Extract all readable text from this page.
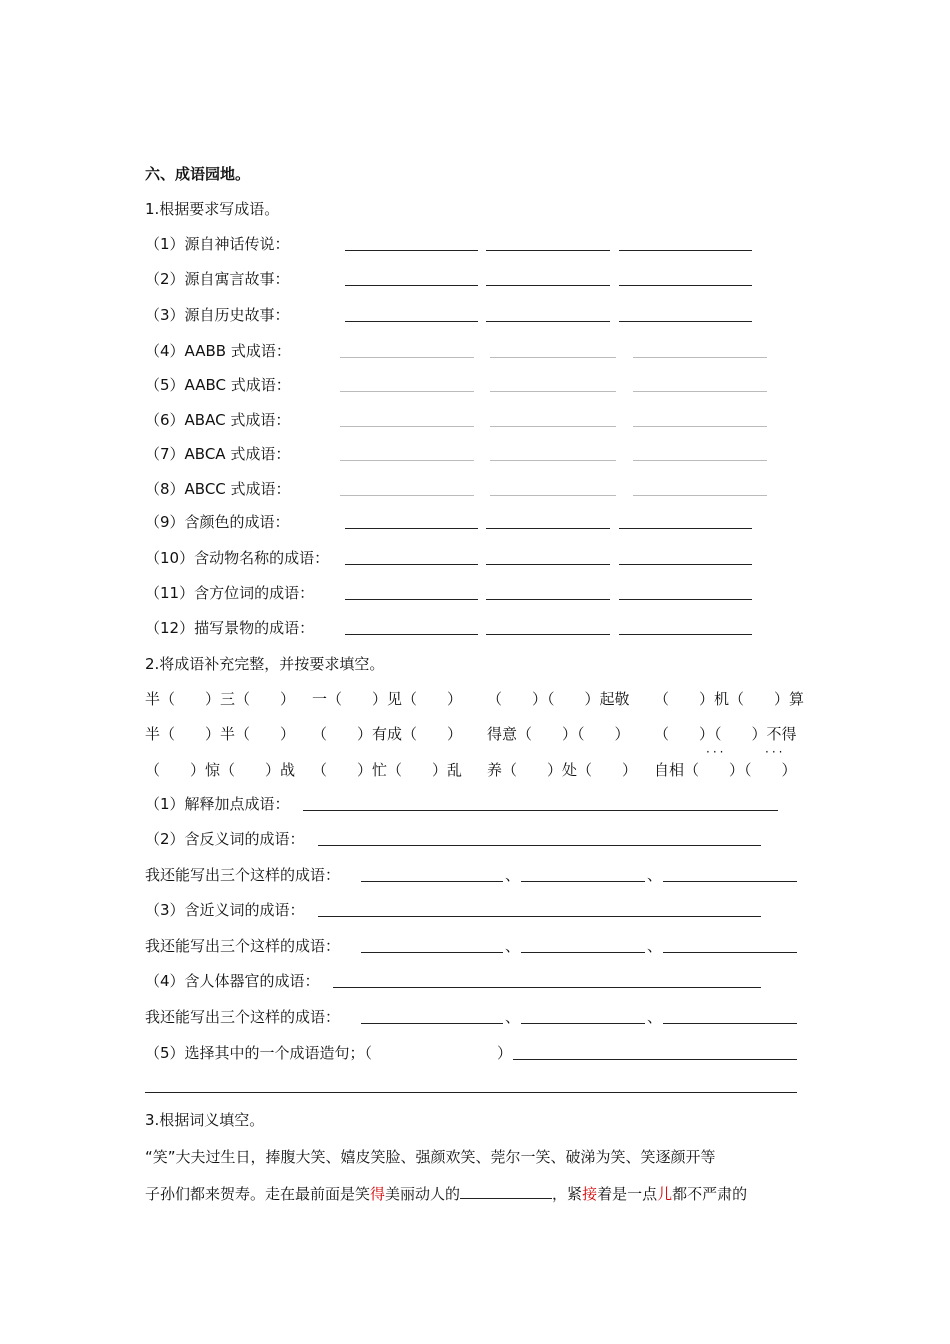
六、成语园地。
1.根据要求写成语。
（1）源自神话传说：
（2）源自寓言故事：
（3）源自历史故事：
（4）AABB 式成语：
（5）AABC 式成语：
（6）ABAC 式成语：
（7）ABCA 式成语：
（8）ABCC 式成语：
（9）含颜色的成语：
（10）含动物名称的成语：
（11）含方位词的成语：
（12）描写景物的成语：
2.将成语补充完整，并按要求填空。
半（　　）三（　　） 一（　　）见（　　） （　　）（　　）起敬 （　　）机（　　）算
半（　　）半（　　） （　　）有成（　　） 得意（　　）（　　） （　　）（　　）不得
（　　）惊（　　）战 （　　）忙（　　）乱 养（　　）处（　　） 自相（　　）（　　）
···	···
（1）解释加点成语：
（2）含反义词的成语：
我还能写出三个这样的成语：	、	、
（3）含近义词的成语：
我还能写出三个这样的成语：	、	、
（4）含人体器官的成语：
我还能写出三个这样的成语：	、	、
（5）选择其中的一个成语造句；（	）
3.根据词义填空。
“笑”大夫过生日，捧腹大笑、嬉皮笑脸、强颜欢笑、莞尔一笑、破涕为笑、笑逐颜开等
子孙们都来贺寿。走在最前面是笑得美丽动人的	，紧接着是一点儿都不严肃的
